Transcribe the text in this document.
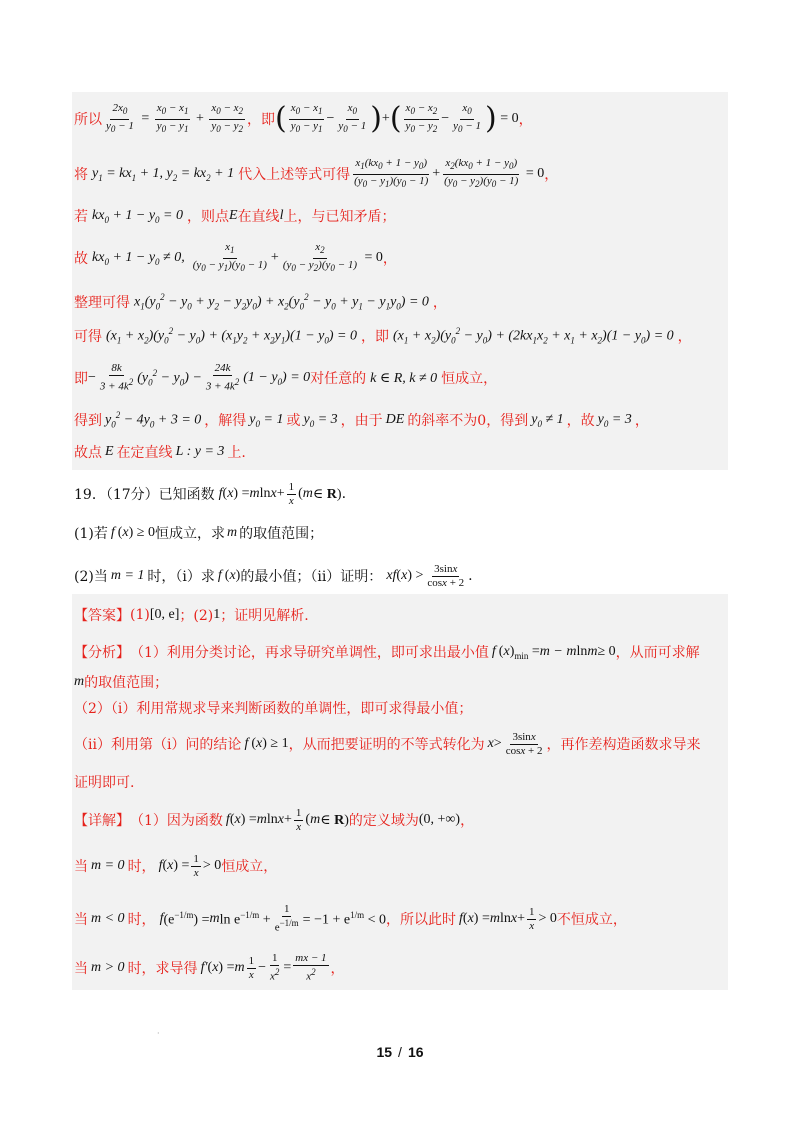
所以 $\frac{2x_0}{y_0 - 1} = \frac{x_0 - x_1}{y_0 - y_1} + \frac{x_0 - x_2}{y_0 - y_2}$ ，即 ( $\frac{x_0 - x_1}{y_0 - y_1} - \frac{x_0}{y_0 - 1}$ ) + ( $\frac{x_0 - x_2}{y_0 - y_2} - \frac{x_0}{y_0 - 1}$ ) = 0 ，
将 $y_1 = kx_1 + 1$, $y_2 = kx_2 + 1$ 代入上述等式可得 $\frac{x_1(kx_0 + 1 - y_0)}{(y_0 - y_1)(y_0 - 1)} + \frac{x_2(kx_0 + 1 - y_0)}{(y_0 - y_2)(y_0 - 1)} = 0$ ，
若 $kx_0 + 1 - y_0 = 0$ ，则点 E 在直线 l 上，与已知矛盾；
故 $kx_0 + 1 - y_0 \ne 0$, $\frac{x_1}{(y_0 - y_1)(y_0 - 1)} + \frac{x_2}{(y_0 - y_2)(y_0 - 1)} = 0$ ，
整理可得 $x_1(y_0^2 - y_0 + y_2 - y_2y_0) + x_2(y_0^2 - y_0 + y_1 - y_1y_0) = 0$ ，
可得 $(x_1 + x_2)(y_0^2 - y_0) + (x_1y_2 + x_2y_1)(1 - y_0) = 0$ ，即 $(x_1 + x_2)(y_0^2 - y_0) + (2kx_1x_2 + x_1 + x_2)(1 - y_0) = 0$ ，
即 − $\frac{8k}{3 + 4k^2} (y_0^2 - y_0) - \frac{24k}{3 + 4k^2} (1 - y_0) = 0$ 对任意的 k ∈ R, k ≠ 0 恒成立，
得到 $y_0^2 - 4y_0 + 3 = 0$ ，解得 $y_0 = 1$ 或 $y_0 = 3$ ，由于 DE 的斜率不为0，得到 $y_0 \ne 1$ ，故 $y_0 = 3$ ，
故点 E 在定直线 L : y = 3 上.
19．（17分）已知函数 f ( x ) = m $\ln x + \frac{1}{x}$ ( m ∈ R) .
(1)若 f ( x ) ≥ 0 恒成立，求 m 的取值范围；
(2)当 m = 1 时，（i）求 f ( x ) 的最小值；（ii）证明： xf ( x ) > $\frac{3\sin x}{\cos x + 2}$ .
【答案】 (1) [0, e] ；(2) 1 ；证明见解析.
【分析】 （1）利用分类讨论，再求导研究单调性，即可求出最小值 f ( x )$_{min} = m - m$ ln m ≥ 0 ，从而可求解
m 的取值范围；
（2）（i）利用常规求导来判断函数的单调性，即可求得最小值；
（ii）利用第（i）问的结论 f ( x ) ≥ 1 ，从而把要证明的不等式转化为 $x > \frac{3\sin x}{\cos x + 2}$ ，再作差构造函数求导来
证明即可.
【详解】 （1）因为函数 f ( x ) = m $\ln x + \frac{1}{x}$ ( m ∈ R) 的定义域为 (0, +∞) ，
当 m = 0 时， f ( x ) = $\frac{1}{x} > 0$ 恒成立，
当 m < 0 时， f $(e^{-1/m}) = m$ $\ln e^{-1/m} + \frac{1}{e^{-1/m}} = -1 + e^{1/m} < 0$ ，所以此时 f ( x ) = m $\ln x + \frac{1}{x} > 0$ 不恒成立，
当 m > 0 时，求导得 f′ ( x ) = m $\frac{1}{x} - \frac{1}{x^2} = \frac{mx - 1}{x^2}$ ，
·
15 / 16
